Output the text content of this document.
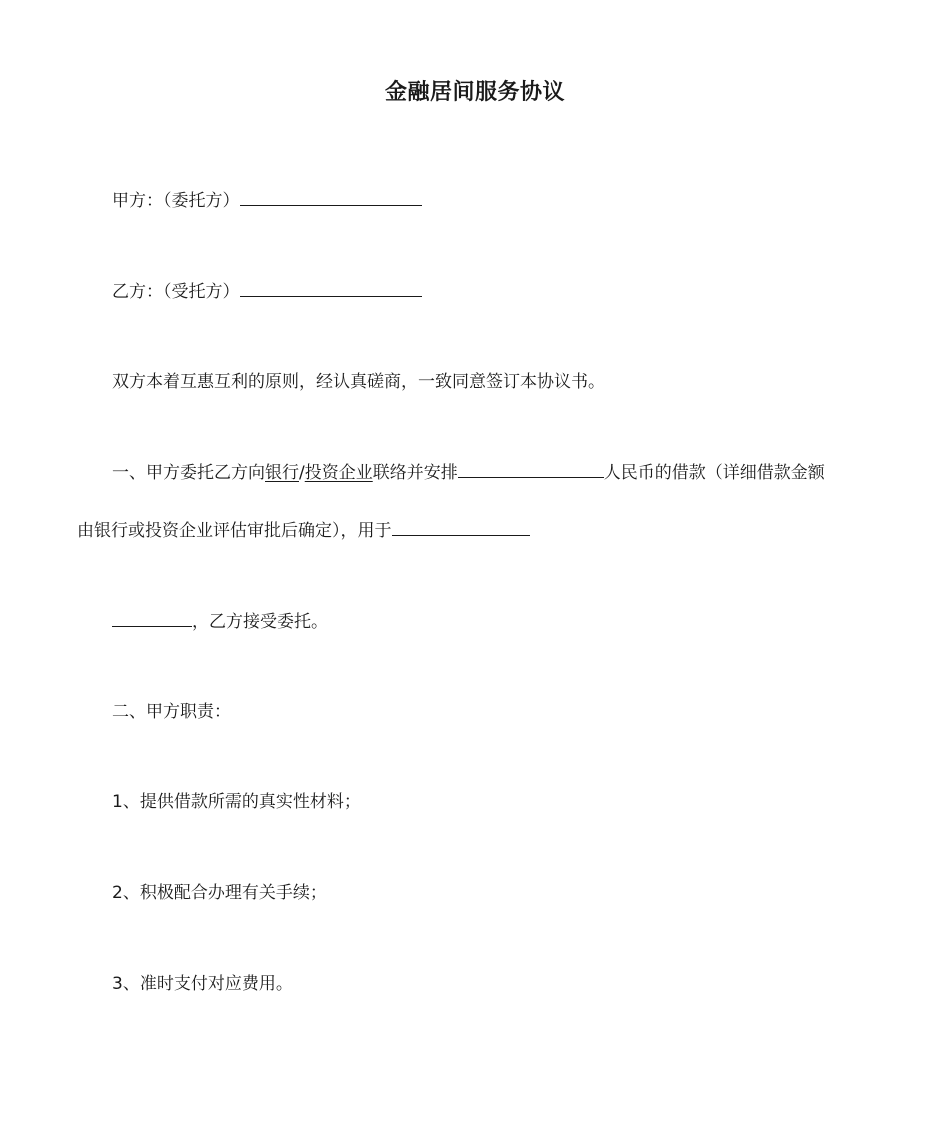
金融居间服务协议
甲方：（委托方）
乙方：（受托方）
双方本着互惠互利的原则，经认真磋商，一致同意签订本协议书。
一、甲方委托乙方向银行/投资企业联络并安排	人民币的借款（详细借款金额
由银行或投资企业评估审批后确定），用于
，乙方接受委托。
二、甲方职责：
1、提供借款所需的真实性材料；
2、积极配合办理有关手续；
3、准时支付对应费用。
